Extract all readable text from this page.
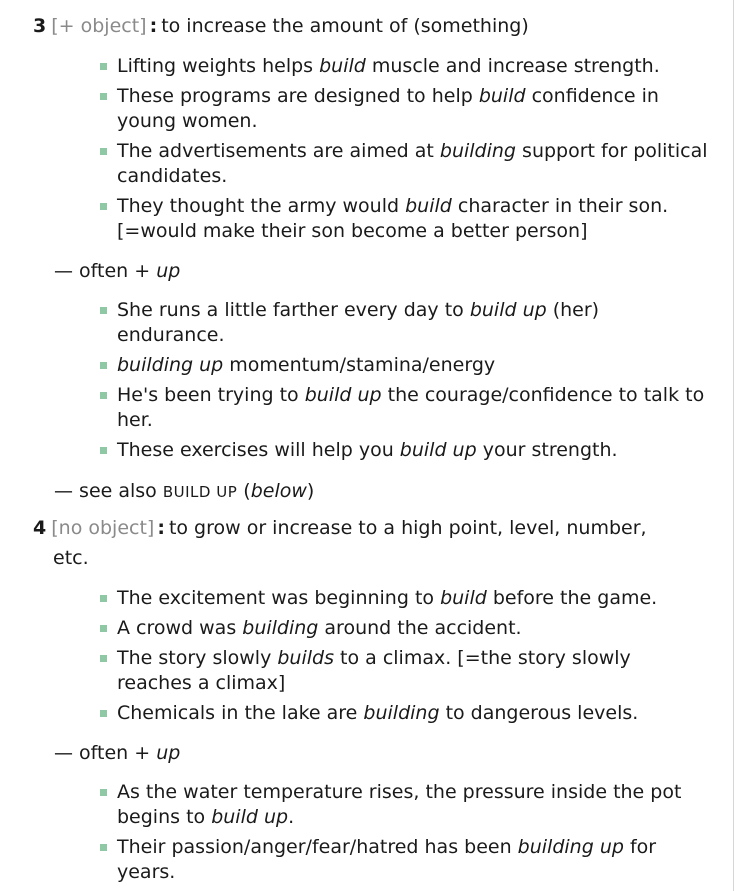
3 [+ object] : to increase the amount of (something)
Lifting weights helps build muscle and increase strength.
These programs are designed to help build confidence in young women.
The advertisements are aimed at building support for political candidates.
They thought the army would build character in their son. [=would make their son become a better person]
— often + up
She runs a little farther every day to build up (her) endurance.
building up momentum/stamina/energy
He's been trying to build up the courage/confidence to talk to her.
These exercises will help you build up your strength.
— see also BUILD UP (below)
4 [no object] : to grow or increase to a high point, level, number,
etc.
The excitement was beginning to build before the game.
A crowd was building around the accident.
The story slowly builds to a climax. [=the story slowly reaches a climax]
Chemicals in the lake are building to dangerous levels.
— often + up
As the water temperature rises, the pressure inside the pot begins to build up.
Their passion/anger/fear/hatred has been building up for years.
